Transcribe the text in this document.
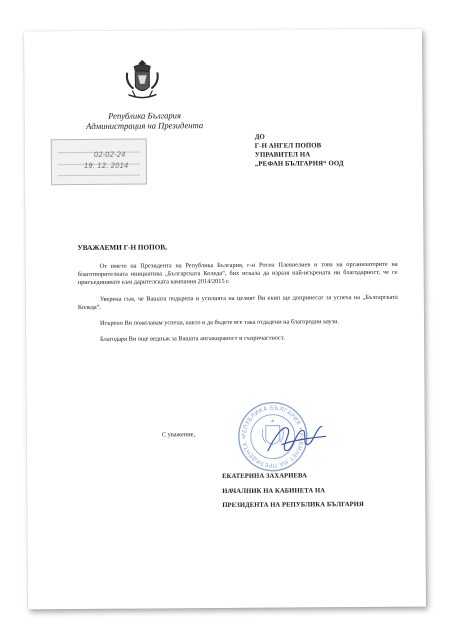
Република България
Администрация на Президента
02-02-24
19. 12. 2014
ДО
Г-Н АНГЕЛ ПОПОВ
УПРАВИТЕЛ НА
„РЕФАН БЪЛГАРИЯ“ ООД
УВАЖАЕМИ Г-Н ПОПОВ,

От името на Президента на Република България, г-н Росен Плевнелиев и това на организаторите на благотворителната инициатива „Българската Коледа“, бих искала да изразя най-искрената ни благодарност, че се присъединявате към дарителската кампания 2014/2015 г.

Уверена съм, че Вашата подкрепа и усилията на целият Ви екип ще допринесат за успеха на „Българската Коледа“.

Искрено Ви пожелавам успехи, както и да бъдете все така отдадени на благородни каузи.

Благодаря Ви още веднъж за Вашата ангажираност и съпричастност.

С уважение,	РЕПУБЛИКА БЪЛГАРИЯ • КАБИНЕТ НА ПРЕЗИДЕНТА •
ЕКАТЕРИНА ЗАХАРИЕВА
НАЧАЛНИК НА КАБИНЕТА НА
ПРЕЗИДЕНТА НА РЕПУБЛИКА БЪЛГАРИЯ
